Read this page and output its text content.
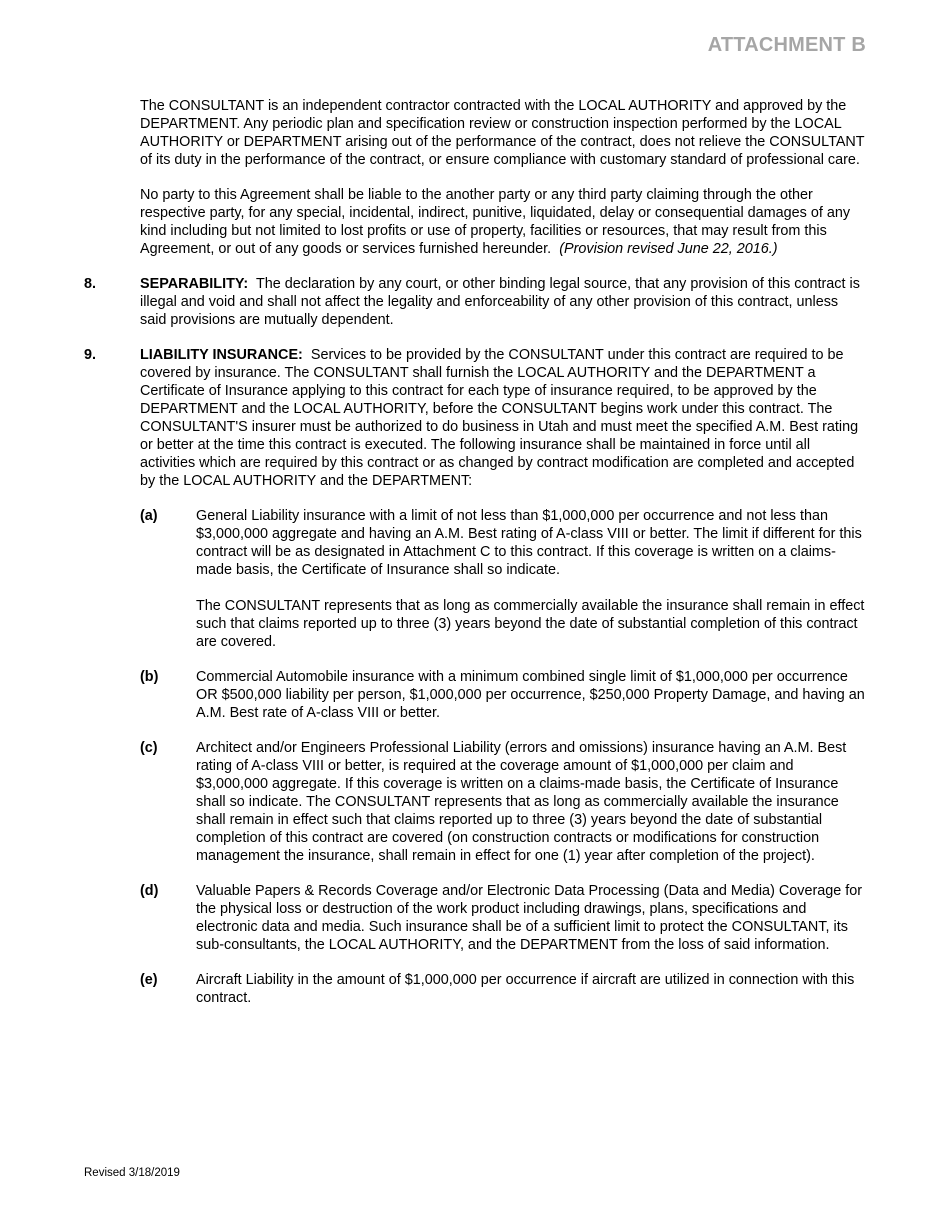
ATTACHMENT B

The CONSULTANT is an independent contractor contracted with the LOCAL AUTHORITY and approved by the DEPARTMENT. Any periodic plan and specification review or construction inspection performed by the LOCAL AUTHORITY or DEPARTMENT arising out of the performance of the contract, does not relieve the CONSULTANT of its duty in the performance of the contract, or ensure compliance with customary standard of professional care.

No party to this Agreement shall be liable to the another party or any third party claiming through the other respective party, for any special, incidental, indirect, punitive, liquidated, delay or consequential damages of any kind including but not limited to lost profits or use of property, facilities or resources, that may result from this Agreement, or out of any goods or services furnished hereunder. (Provision revised June 22, 2016.)

8.	SEPARABILITY: The declaration by any court, or other binding legal source, that any provision of this contract is illegal and void and shall not affect the legality and enforceability of any other provision of this contract, unless said provisions are mutually dependent.
9.	LIABILITY INSURANCE: Services to be provided by the CONSULTANT under this contract are required to be covered by insurance. The CONSULTANT shall furnish the LOCAL AUTHORITY and the DEPARTMENT a Certificate of Insurance applying to this contract for each type of insurance required, to be approved by the DEPARTMENT and the LOCAL AUTHORITY, before the CONSULTANT begins work under this contract. The CONSULTANT'S insurer must be authorized to do business in Utah and must meet the specified A.M. Best rating or better at the time this contract is executed. The following insurance shall be maintained in force until all activities which are required by this contract or as changed by contract modification are completed and accepted by the LOCAL AUTHORITY and the DEPARTMENT:
(a)	General Liability insurance with a limit of not less than $1,000,000 per occurrence and not less than $3,000,000 aggregate and having an A.M. Best rating of A-class VIII or better. The limit if different for this contract will be as designated in Attachment C to this contract. If this coverage is written on a claims-made basis, the Certificate of Insurance shall so indicate.

The CONSULTANT represents that as long as commercially available the insurance shall remain in effect such that claims reported up to three (3) years beyond the date of substantial completion of this contract are covered.

(b)	Commercial Automobile insurance with a minimum combined single limit of $1,000,000 per occurrence OR $500,000 liability per person, $1,000,000 per occurrence, $250,000 Property Damage, and having an A.M. Best rate of A-class VIII or better.

(c)	Architect and/or Engineers Professional Liability (errors and omissions) insurance having an A.M. Best rating of A-class VIII or better, is required at the coverage amount of $1,000,000 per claim and $3,000,000 aggregate. If this coverage is written on a claims-made basis, the Certificate of Insurance shall so indicate. The CONSULTANT represents that as long as commercially available the insurance shall remain in effect such that claims reported up to three (3) years beyond the date of substantial completion of this contract are covered (on construction contracts or modifications for construction management the insurance, shall remain in effect for one (1) year after completion of the project).

(d)	Valuable Papers & Records Coverage and/or Electronic Data Processing (Data and Media) Coverage for the physical loss or destruction of the work product including drawings, plans, specifications and electronic data and media. Such insurance shall be of a sufficient limit to protect the CONSULTANT, its sub-consultants, the LOCAL AUTHORITY, and the DEPARTMENT from the loss of said information.

(e)	Aircraft Liability in the amount of $1,000,000 per occurrence if aircraft are utilized in connection with this contract.

Revised 3/18/2019
